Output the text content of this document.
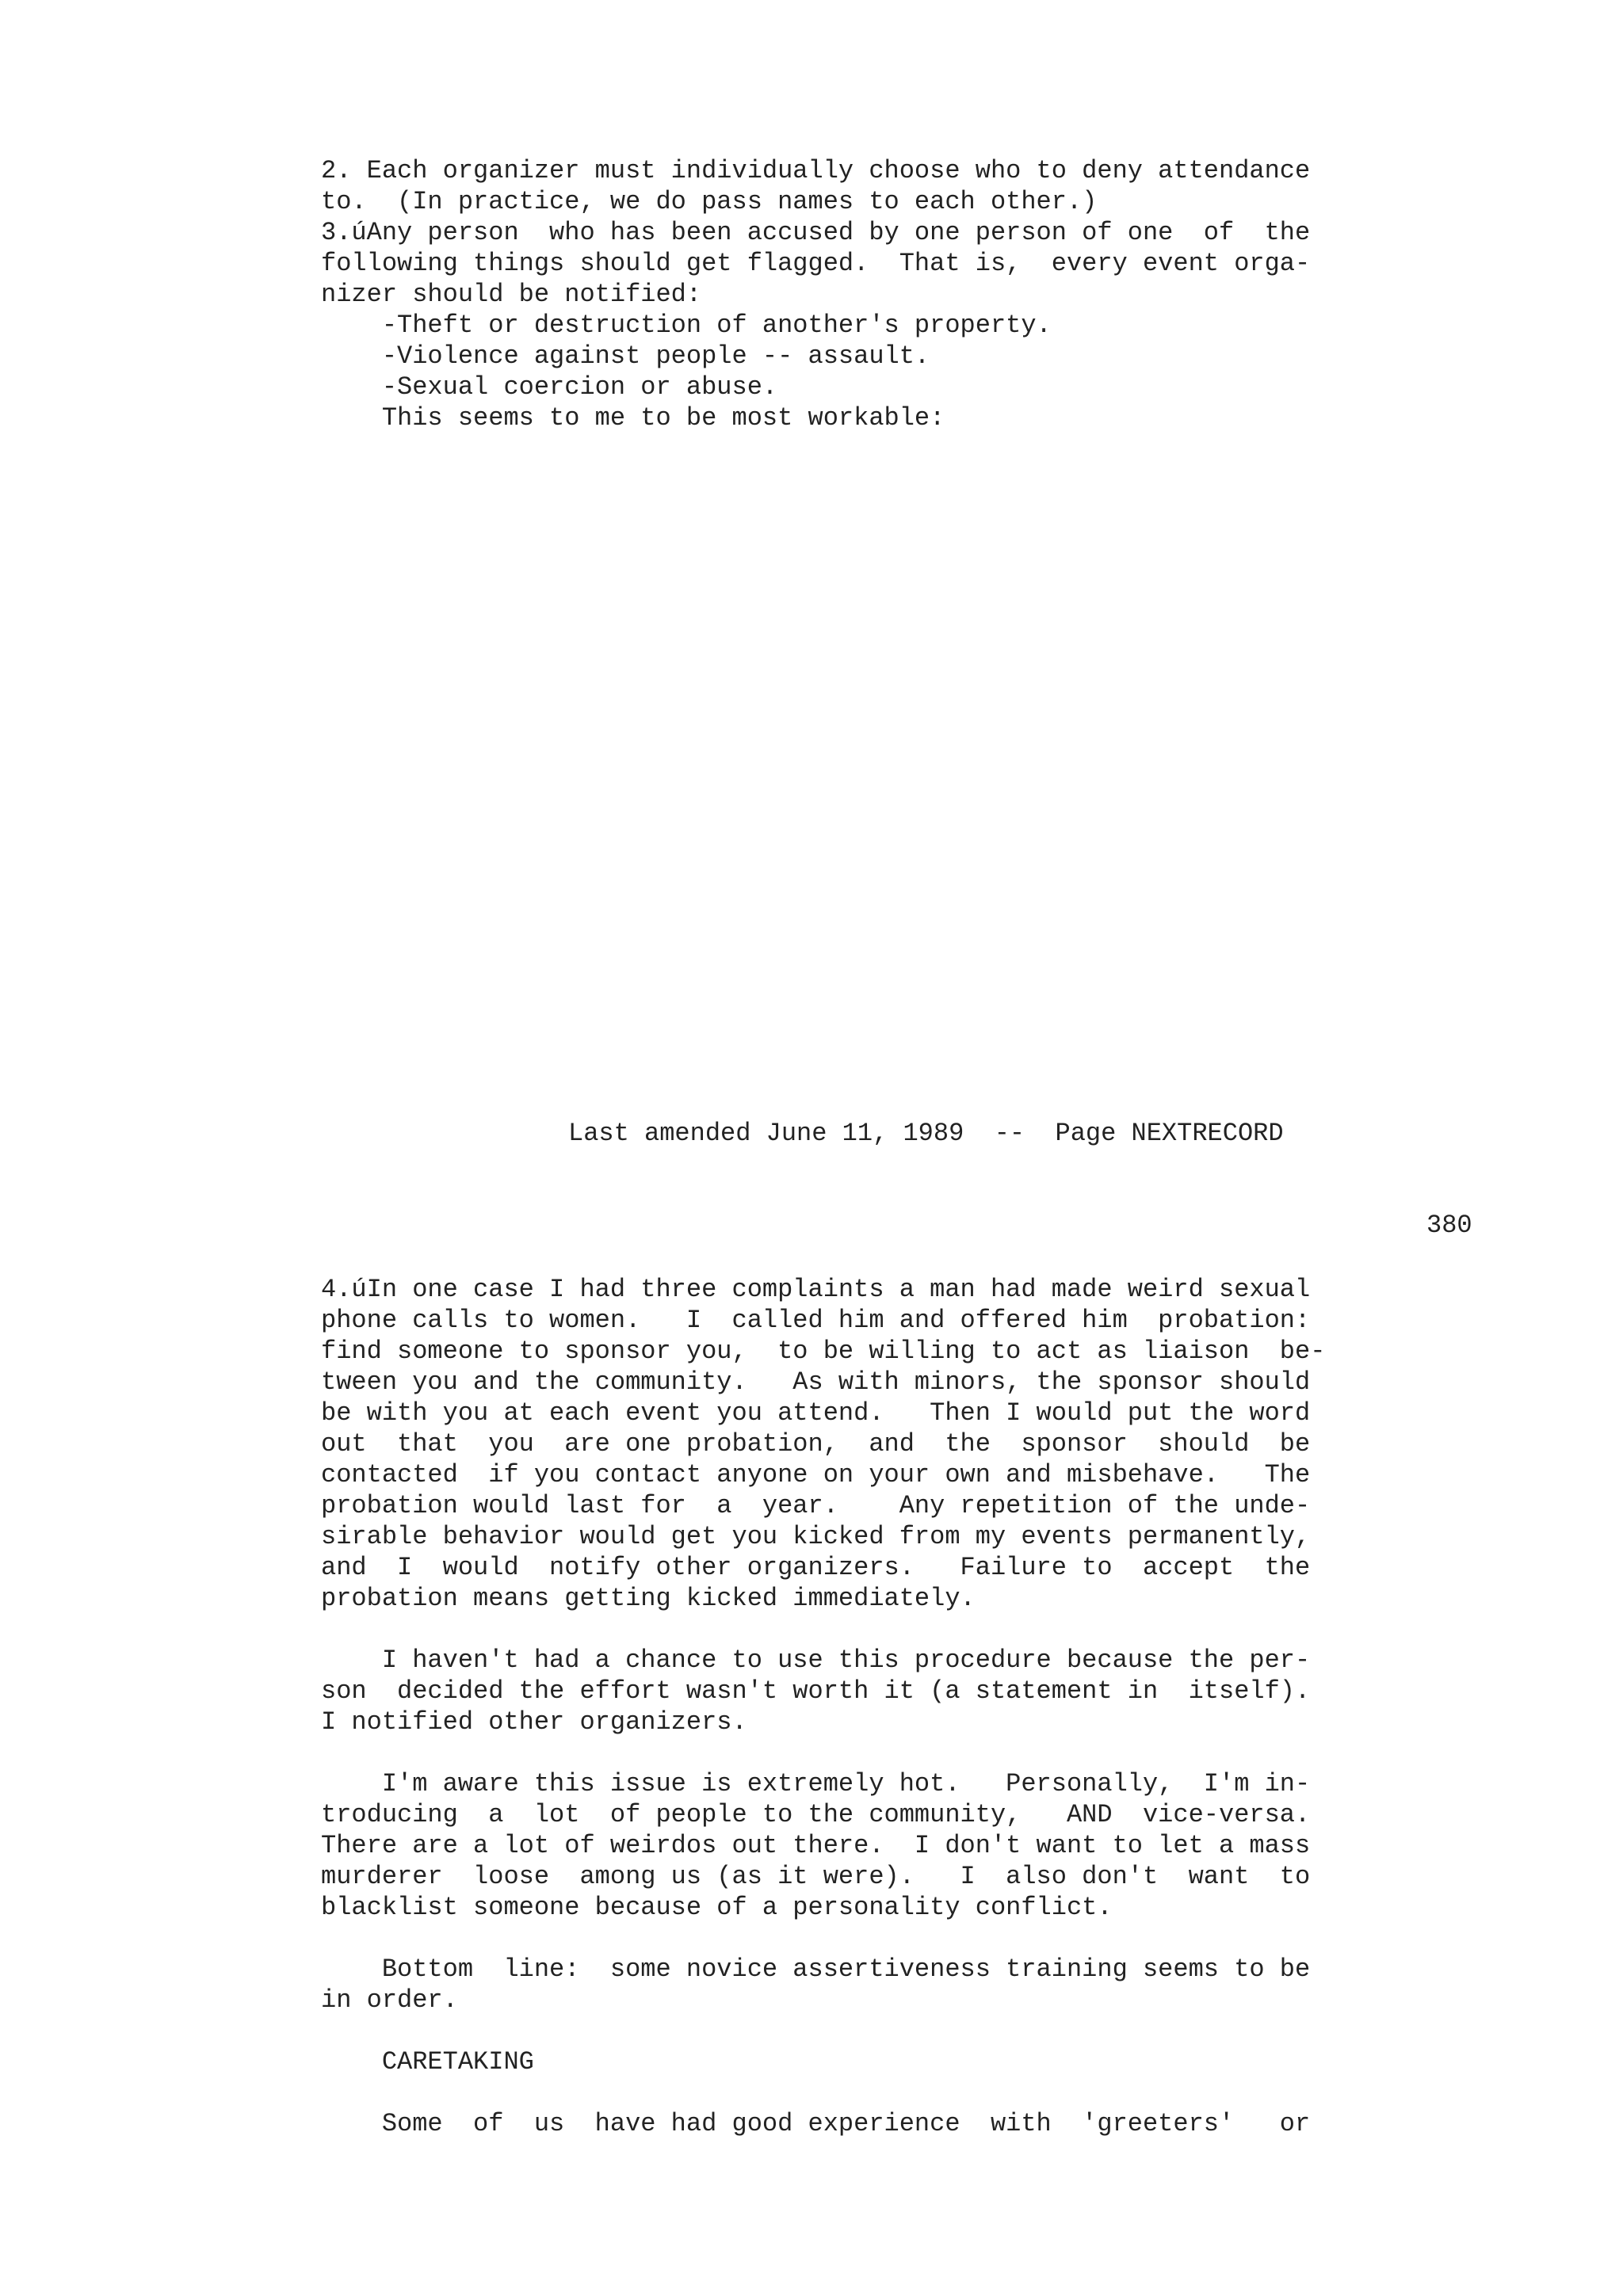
2. Each organizer must individually choose who to deny attendance
to.  (In practice, we do pass names to each other.)
3.úAny person  who has been accused by one person of one  of  the
following things should get flagged.  That is,  every event orga-
nizer should be notified:
-Theft or destruction of another's property.
-Violence against people -- assault.
-Sexual coercion or abuse.
This seems to me to be most workable:
Last amended June 11, 1989  --  Page NEXTRECORD
380
4.úIn one case I had three complaints a man had made weird sexual
phone calls to women.   I  called him and offered him  probation:
find someone to sponsor you,  to be willing to act as liaison  be-
tween you and the community.   As with minors, the sponsor should
be with you at each event you attend.   Then I would put the word
out  that  you  are one probation,  and  the  sponsor  should  be
contacted  if you contact anyone on your own and misbehave.   The
probation would last for  a  year.    Any repetition of the unde-
sirable behavior would get you kicked from my events permanently,
and  I  would  notify other organizers.   Failure to  accept  the
probation means getting kicked immediately.
I haven't had a chance to use this procedure because the per-
son  decided the effort wasn't worth it (a statement in  itself).
I notified other organizers.
I'm aware this issue is extremely hot.   Personally,  I'm in-
troducing  a  lot  of people to the community,   AND  vice-versa.
There are a lot of weirdos out there.  I don't want to let a mass
murderer  loose  among us (as it were).   I  also don't  want  to
blacklist someone because of a personality conflict.
Bottom  line:  some novice assertiveness training seems to be
in order.
CARETAKING
Some  of  us  have had good experience  with  'greeters'   or
